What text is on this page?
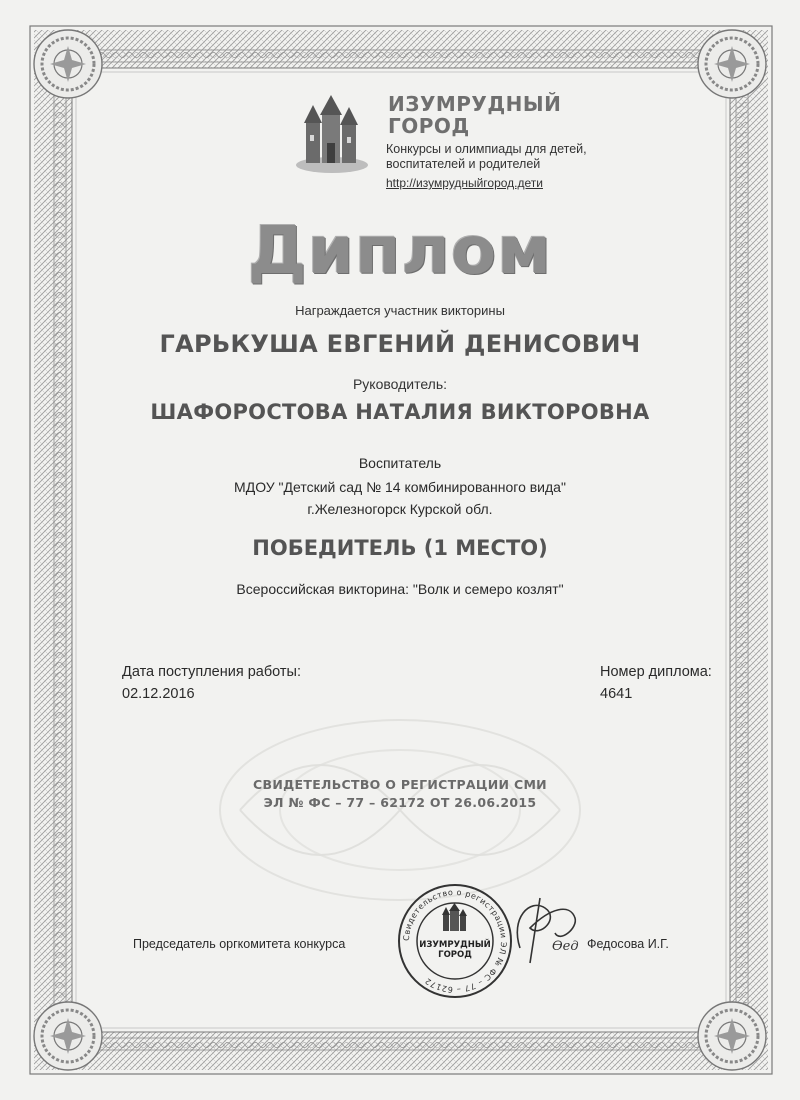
ИЗУМРУДНЫЙ
ГОРОД
Конкурсы и олимпиады для детей,
воспитателей и родителей
http://изумрудныйгород.дети
Диплом
Награждается участник викторины
ГАРЬКУША ЕВГЕНИЙ ДЕНИСОВИЧ
Руководитель:
ШАФОРОСТОВА НАТАЛИЯ ВИКТОРОВНА
Воспитатель
МДОУ "Детский сад № 14 комбинированного вида"
г.Железногорск Курской обл.
ПОБЕДИТЕЛЬ (1 МЕСТО)
Всероссийская викторина: "Волк и семеро козлят"
Дата поступления работы:
02.12.2016
Номер диплома:
4641
СВИДЕТЕЛЬСТВО О РЕГИСТРАЦИИ СМИ
ЭЛ № ФС – 77 – 62172 ОТ 26.06.2015
Председатель оргкомитета конкурса	Федосова И.Г.
Свидетельство о регистрации ЭЛ № ФС – 77 – 62172
ИЗУМРУДНЫЙ
ГОРОД
Ѳед
